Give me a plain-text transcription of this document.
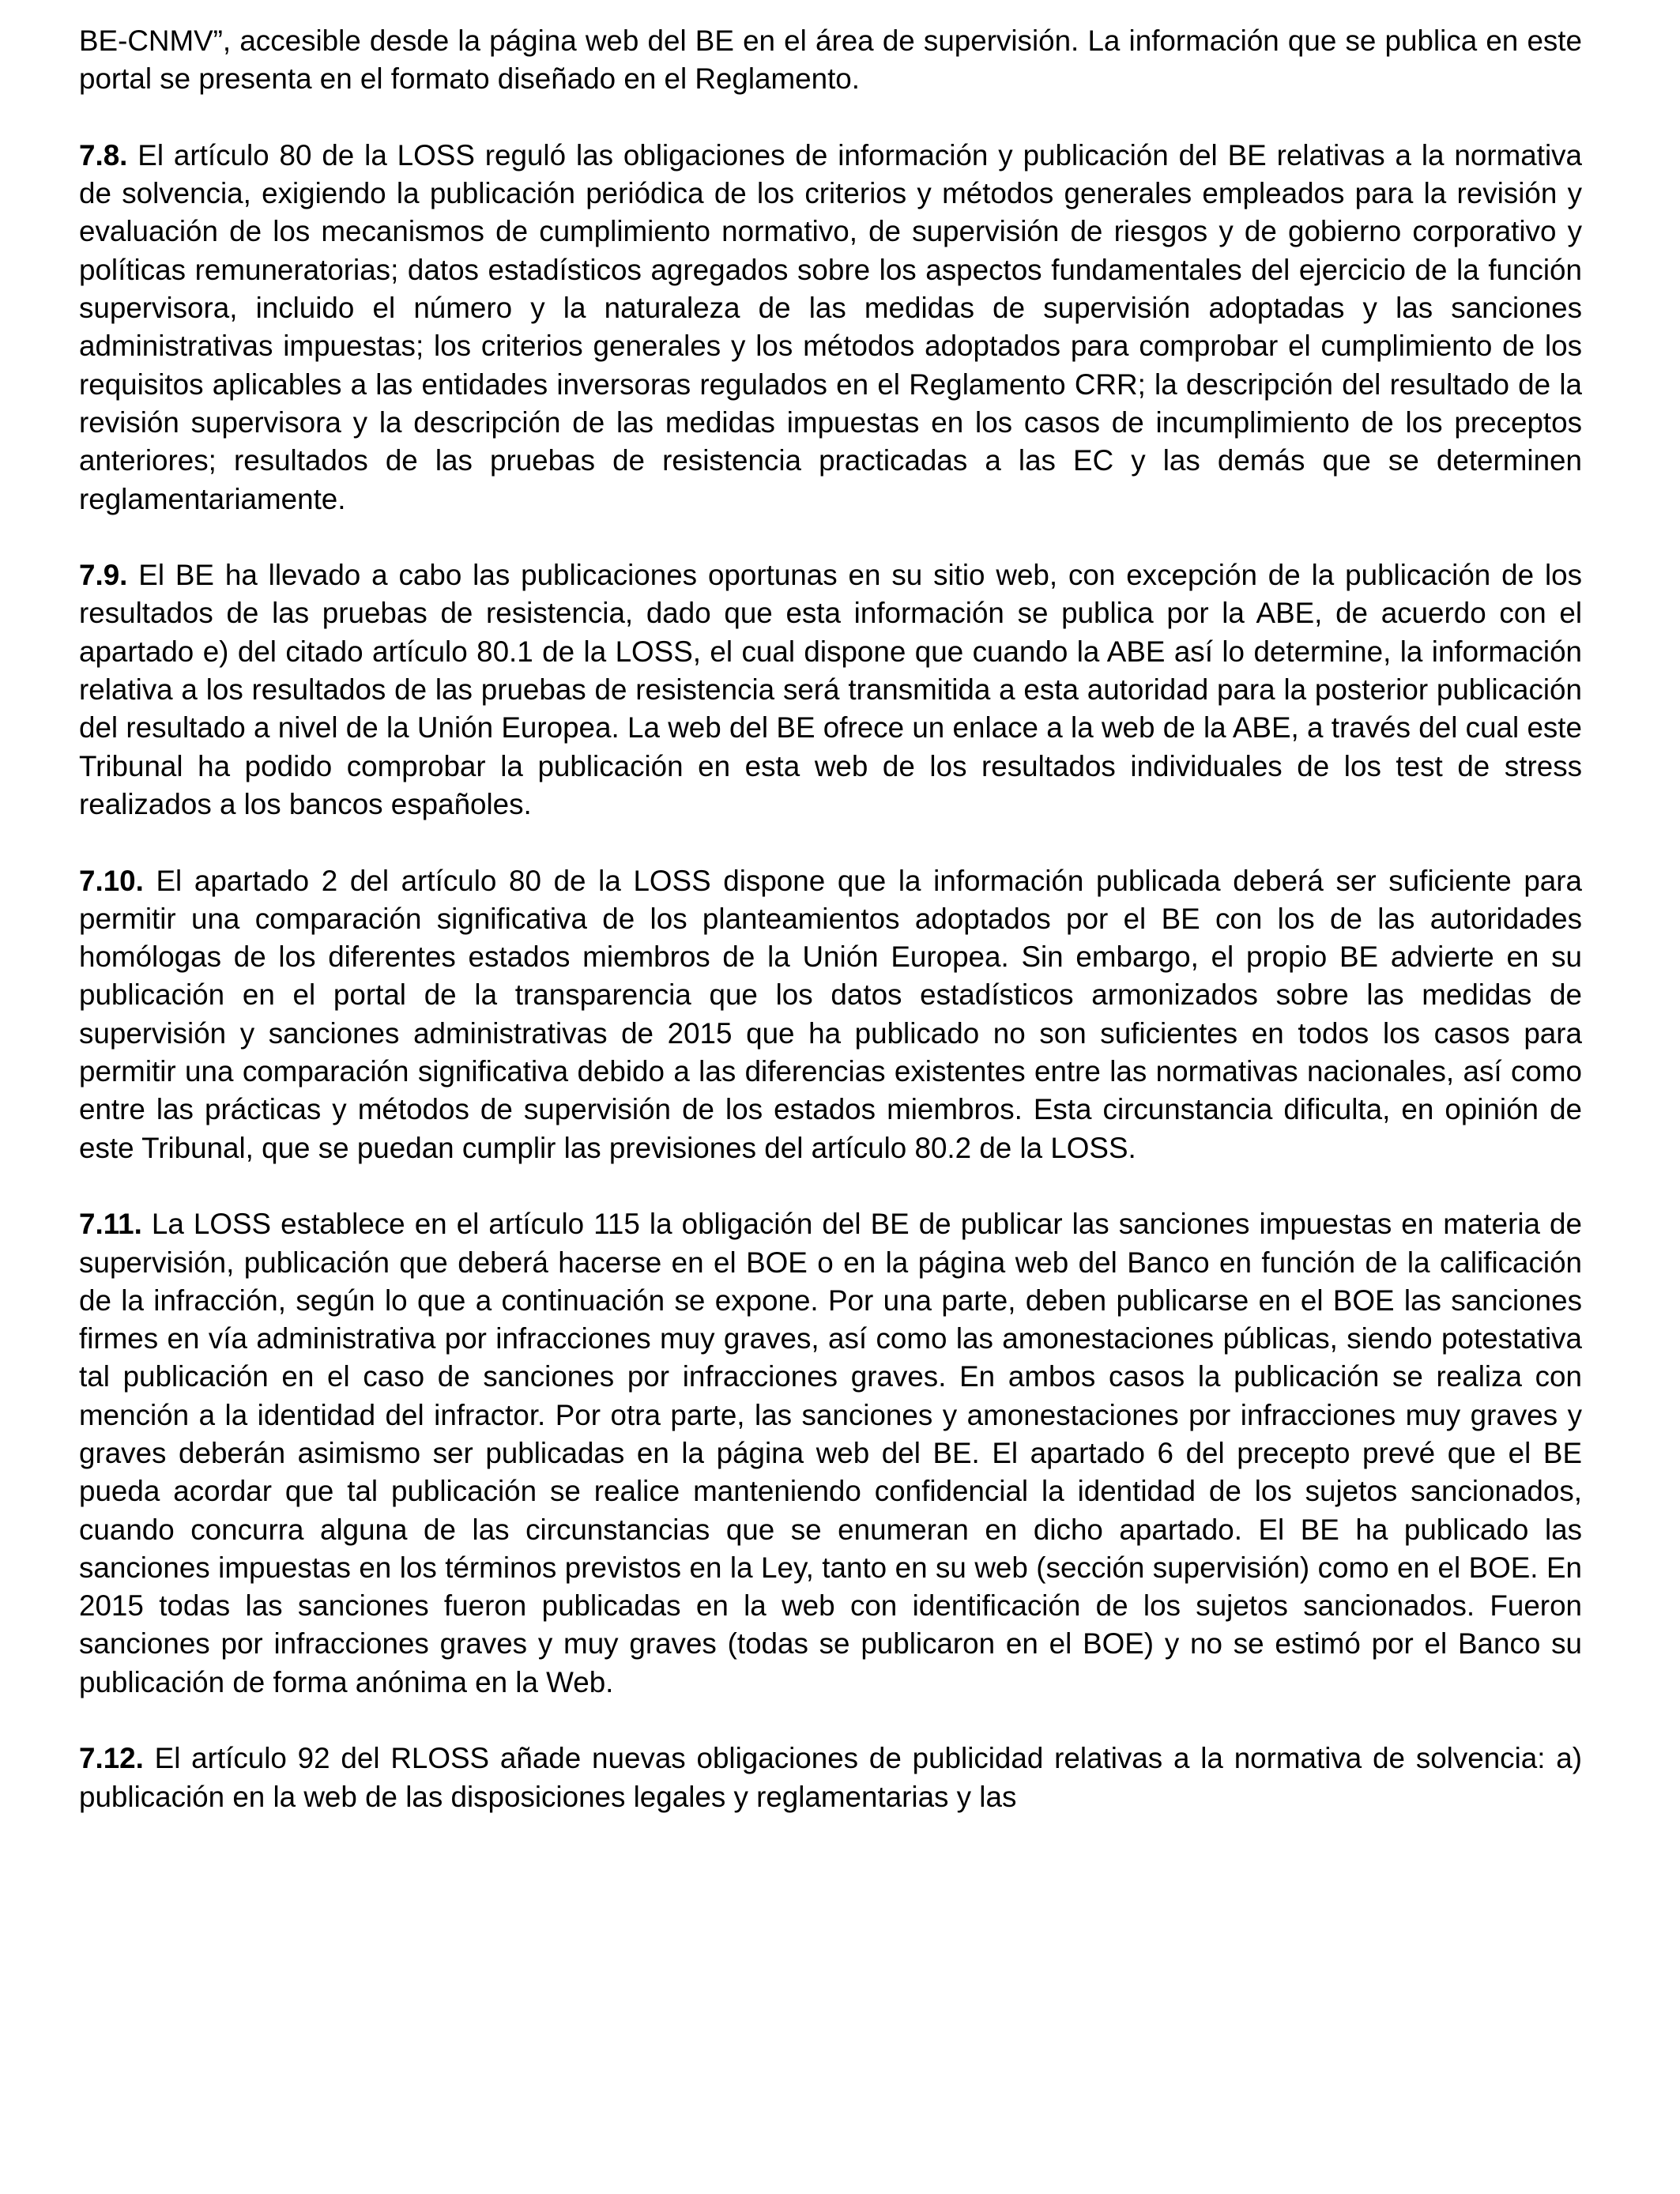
BE-CNMV”, accesible desde la página web del BE en el área de supervisión. La información que se publica en este portal se presenta en el formato diseñado en el Reglamento.

7.8. El artículo 80 de la LOSS reguló las obligaciones de información y publicación del BE relativas a la normativa de solvencia, exigiendo la publicación periódica de los criterios y métodos generales empleados para la revisión y evaluación de los mecanismos de cumplimiento normativo, de supervisión de riesgos y de gobierno corporativo y políticas remuneratorias; datos estadísticos agregados sobre los aspectos fundamentales del ejercicio de la función supervisora, incluido el número y la naturaleza de las medidas de supervisión adoptadas y las sanciones administrativas impuestas; los criterios generales y los métodos adoptados para comprobar el cumplimiento de los requisitos aplicables a las entidades inversoras regulados en el Reglamento CRR; la descripción del resultado de la revisión supervisora y la descripción de las medidas impuestas en los casos de incumplimiento de los preceptos anteriores; resultados de las pruebas de resistencia practicadas a las EC y las demás que se determinen reglamentariamente.

7.9. El BE ha llevado a cabo las publicaciones oportunas en su sitio web, con excepción de la publicación de los resultados de las pruebas de resistencia, dado que esta información se publica por la ABE, de acuerdo con el apartado e) del citado artículo 80.1 de la LOSS, el cual dispone que cuando la ABE así lo determine, la información relativa a los resultados de las pruebas de resistencia será transmitida a esta autoridad para la posterior publicación del resultado a nivel de la Unión Europea. La web del BE ofrece un enlace a la web de la ABE, a través del cual este Tribunal ha podido comprobar la publicación en esta web de los resultados individuales de los test de stress realizados a los bancos españoles.

7.10. El apartado 2 del artículo 80 de la LOSS dispone que la información publicada deberá ser suficiente para permitir una comparación significativa de los planteamientos adoptados por el BE con los de las autoridades homólogas de los diferentes estados miembros de la Unión Europea. Sin embargo, el propio BE advierte en su publicación en el portal de la transparencia que los datos estadísticos armonizados sobre las medidas de supervisión y sanciones administrativas de 2015 que ha publicado no son suficientes en todos los casos para permitir una comparación significativa debido a las diferencias existentes entre las normativas nacionales, así como entre las prácticas y métodos de supervisión de los estados miembros. Esta circunstancia dificulta, en opinión de este Tribunal, que se puedan cumplir las previsiones del artículo 80.2 de la LOSS.

7.11. La LOSS establece en el artículo 115 la obligación del BE de publicar las sanciones impuestas en materia de supervisión, publicación que deberá hacerse en el BOE o en la página web del Banco en función de la calificación de la infracción, según lo que a continuación se expone. Por una parte, deben publicarse en el BOE las sanciones firmes en vía administrativa por infracciones muy graves, así como las amonestaciones públicas, siendo potestativa tal publicación en el caso de sanciones por infracciones graves. En ambos casos la publicación se realiza con mención a la identidad del infractor. Por otra parte, las sanciones y amonestaciones por infracciones muy graves y graves deberán asimismo ser publicadas en la página web del BE. El apartado 6 del precepto prevé que el BE pueda acordar que tal publicación se realice manteniendo confidencial la identidad de los sujetos sancionados, cuando concurra alguna de las circunstancias que se enumeran en dicho apartado. El BE ha publicado las sanciones impuestas en los términos previstos en la Ley, tanto en su web (sección supervisión) como en el BOE. En 2015 todas las sanciones fueron publicadas en la web con identificación de los sujetos sancionados. Fueron sanciones por infracciones graves y muy graves (todas se publicaron en el BOE) y no se estimó por el Banco su publicación de forma anónima en la Web.

7.12. El artículo 92 del RLOSS añade nuevas obligaciones de publicidad relativas a la normativa de solvencia: a) publicación en la web de las disposiciones legales y reglamentarias y las
